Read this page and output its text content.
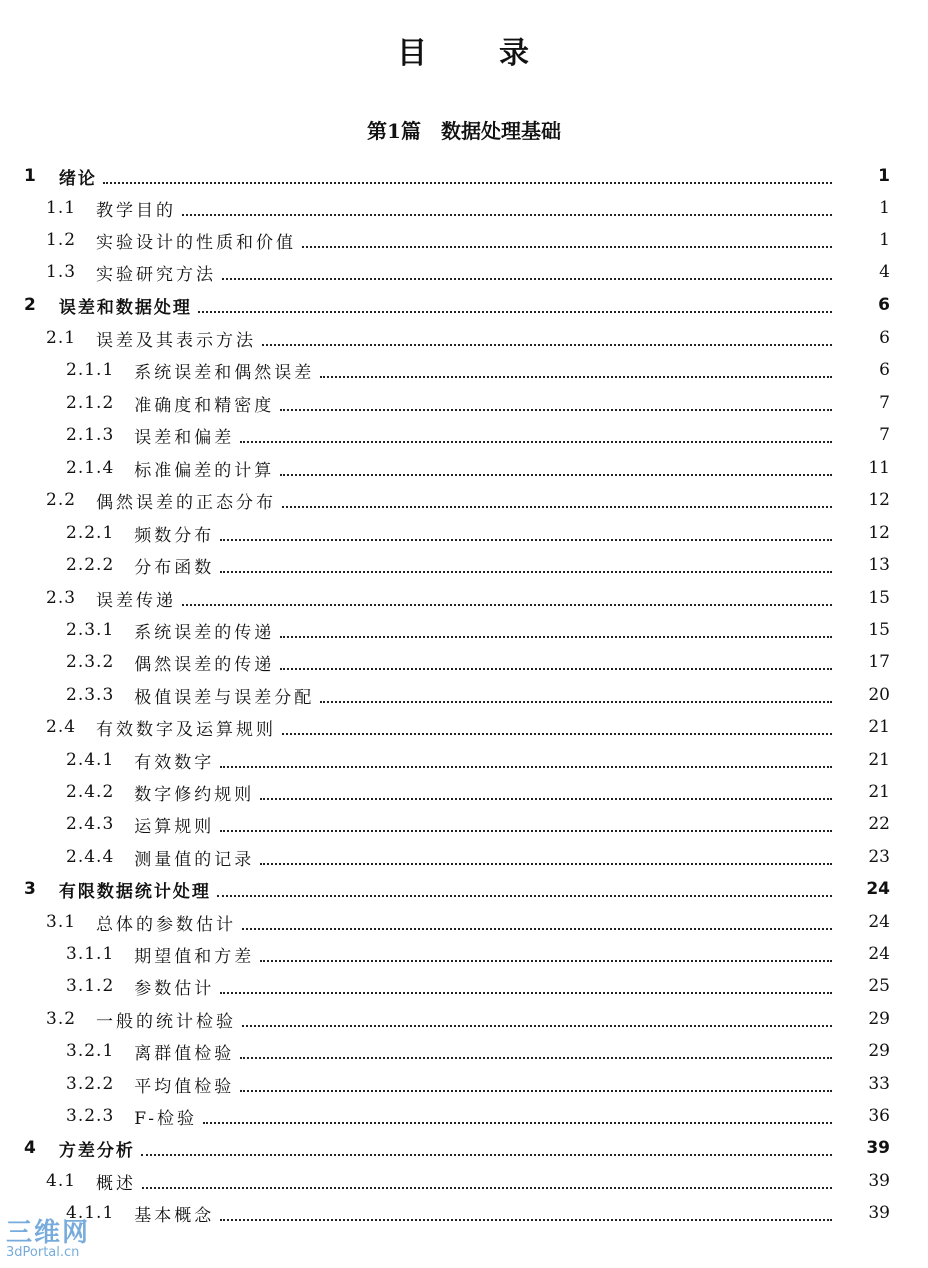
目 录
第1篇　数据处理基础
1 绪论	1
1.1 教学目的	1
1.2 实验设计的性质和价值	1
1.3 实验研究方法	4
2 误差和数据处理	6
2.1 误差及其表示方法	6
2.1.1 系统误差和偶然误差	6
2.1.2 准确度和精密度	7
2.1.3 误差和偏差	7
2.1.4 标准偏差的计算	11
2.2 偶然误差的正态分布	12
2.2.1 频数分布	12
2.2.2 分布函数	13
2.3 误差传递	15
2.3.1 系统误差的传递	15
2.3.2 偶然误差的传递	17
2.3.3 极值误差与误差分配	20
2.4 有效数字及运算规则	21
2.4.1 有效数字	21
2.4.2 数字修约规则	21
2.4.3 运算规则	22
2.4.4 测量值的记录	23
3 有限数据统计处理	24
3.1 总体的参数估计	24
3.1.1 期望值和方差	24
3.1.2 参数估计	25
3.2 一般的统计检验	29
3.2.1 离群值检验	29
3.2.2 平均值检验	33
3.2.3 F-检验	36
4 方差分析	39
4.1 概述	39
4.1.1 基本概念	39
三维网
3dPortal.cn
